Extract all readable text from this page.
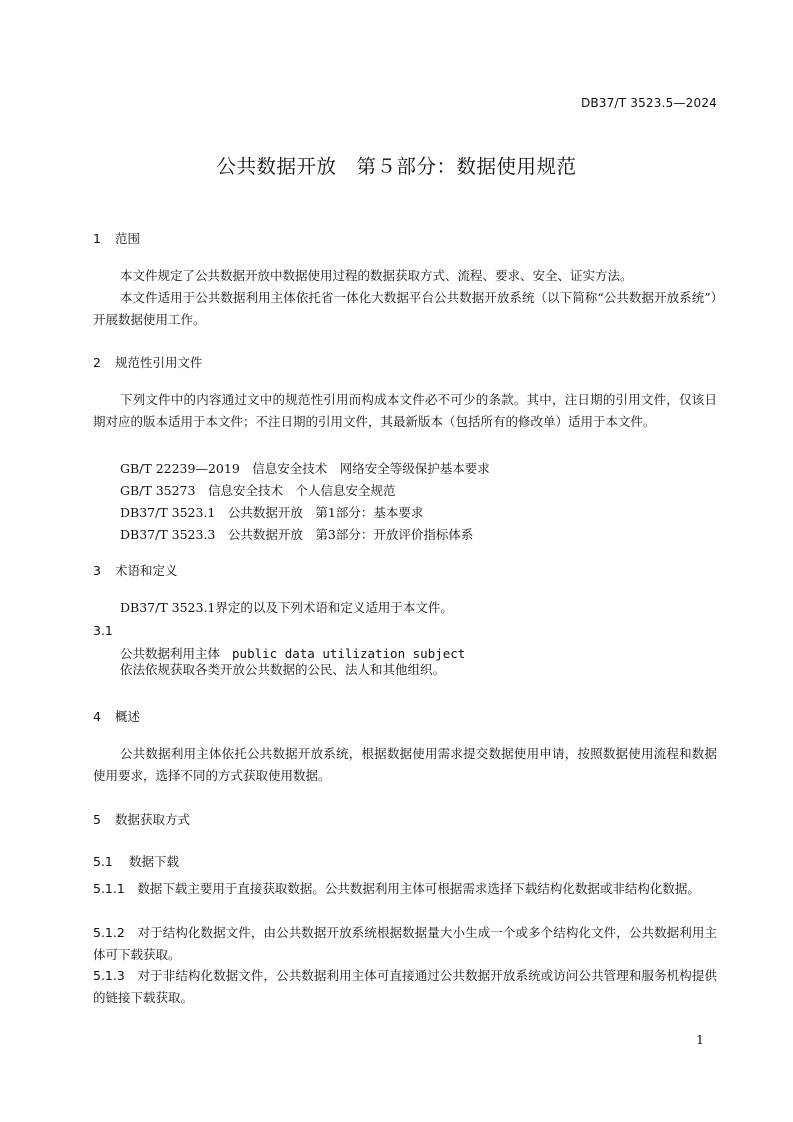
DB37/T 3523.5—2024
公共数据开放　第５部分：数据使用规范
1 范围
本文件规定了公共数据开放中数据使用过程的数据获取方式、流程、要求、安全、证实方法。
本文件适用于公共数据利用主体依托省一体化大数据平台公共数据开放系统（以下简称“公共数据开放系统”）开展数据使用工作。
2 规范性引用文件
下列文件中的内容通过文中的规范性引用而构成本文件必不可少的条款。其中，注日期的引用文件，仅该日期对应的版本适用于本文件；不注日期的引用文件，其最新版本（包括所有的修改单）适用于本文件。
GB/T 22239—2019　信息安全技术　网络安全等级保护基本要求
GB/T 35273　信息安全技术　个人信息安全规范
DB37/T 3523.1　公共数据开放　第1部分：基本要求
DB37/T 3523.3　公共数据开放　第3部分：开放评价指标体系
3 术语和定义
DB37/T 3523.1界定的以及下列术语和定义适用于本文件。
3.1
公共数据利用主体 public data utilization subject
依法依规获取各类开放公共数据的公民、法人和其他组织。
4 概述
公共数据利用主体依托公共数据开放系统，根据数据使用需求提交数据使用申请，按照数据使用流程和数据使用要求，选择不同的方式获取使用数据。
5 数据获取方式
5.1 数据下载
5.1.1　 数据下载主要用于直接获取数据。公共数据利用主体可根据需求选择下载结构化数据或非结构化数据。
5.1.2　 对于结构化数据文件，由公共数据开放系统根据数据量大小生成一个或多个结构化文件，公共数据利用主体可下载获取。
5.1.3　 对于非结构化数据文件，公共数据利用主体可直接通过公共数据开放系统或访问公共管理和服务机构提供的链接下载获取。
1
